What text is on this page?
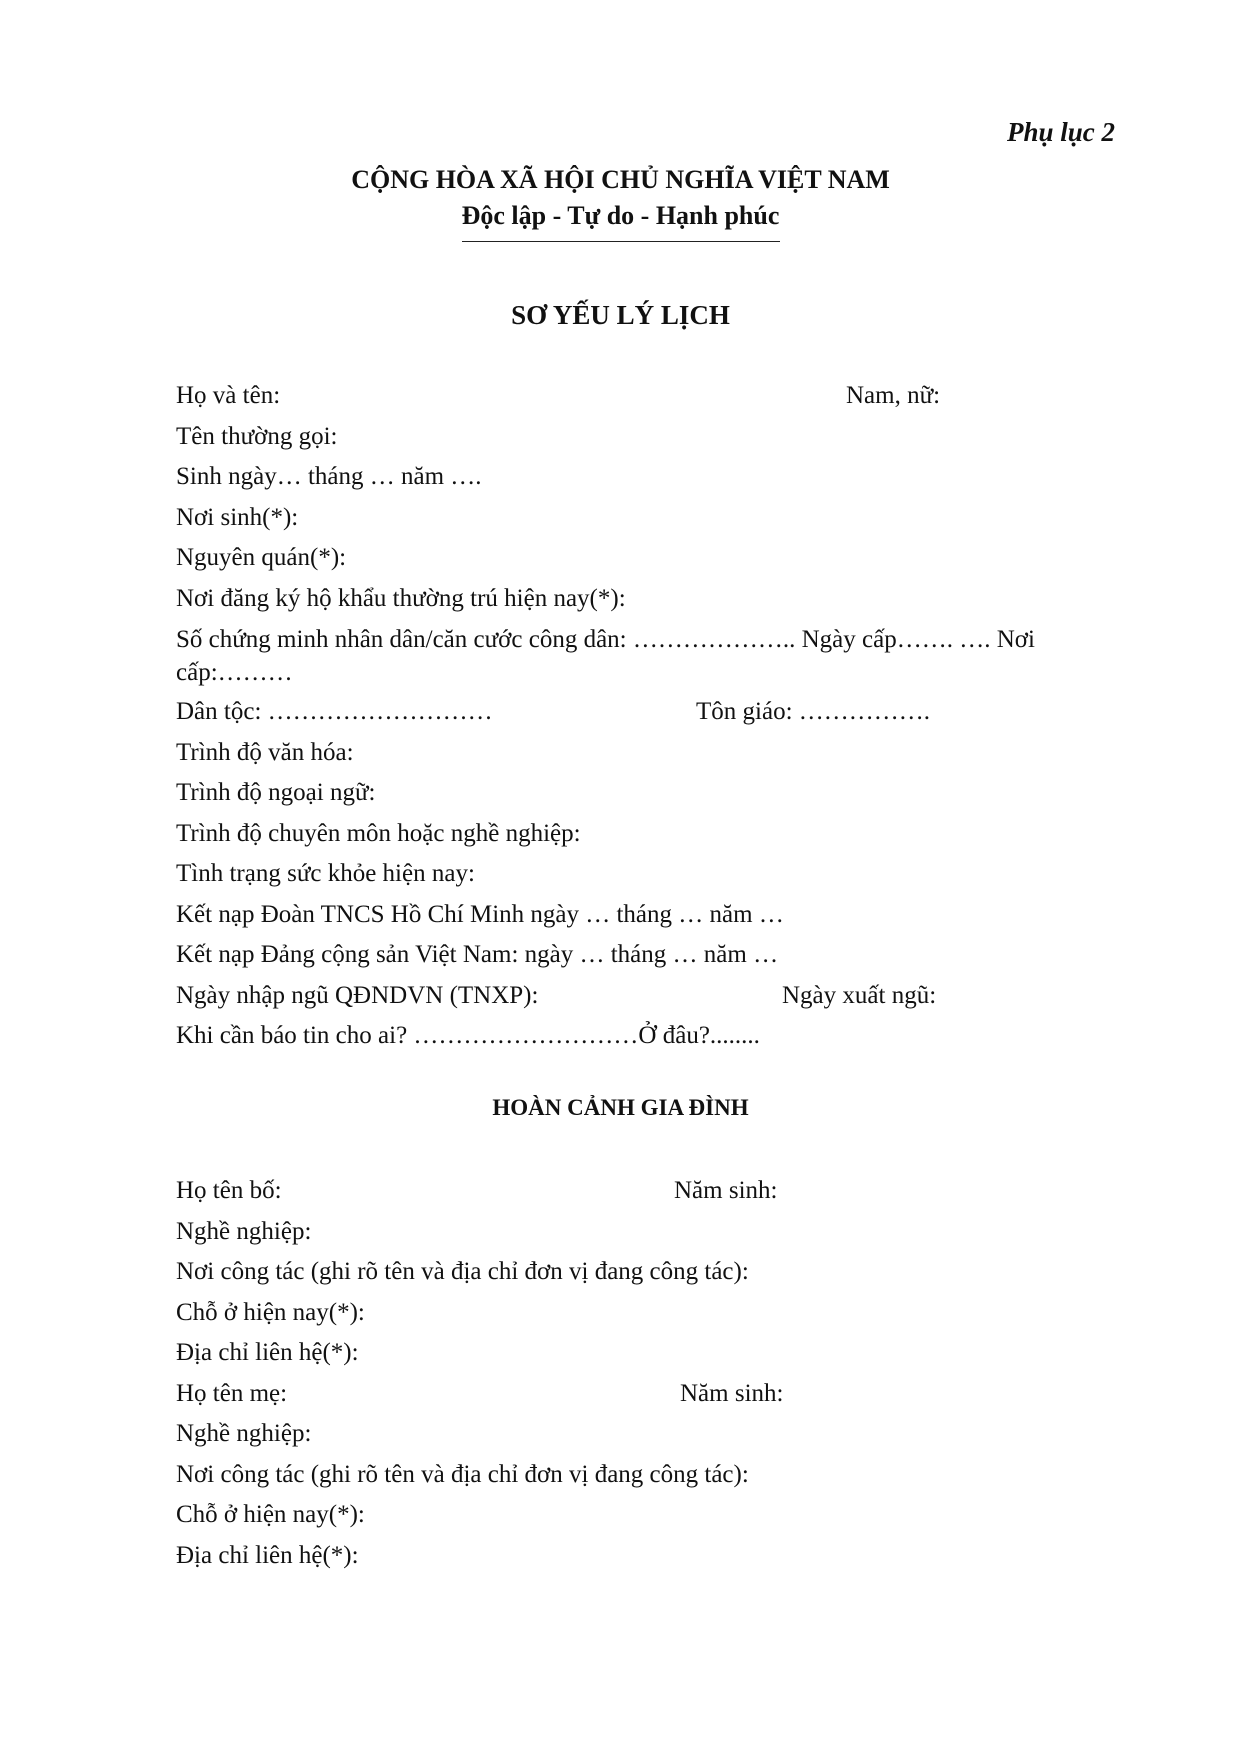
Phụ lục 2
CỘNG HÒA XÃ HỘI CHỦ NGHĨA VIỆT NAM
Độc lập - Tự do - Hạnh phúc
SƠ YẾU LÝ LỊCH
Họ và tên:	Nam, nữ:
Tên thường gọi:
Sinh ngày… tháng … năm ….
Nơi sinh(*):
Nguyên quán(*):
Nơi đăng ký hộ khẩu thường trú hiện nay(*):
Số chứng minh nhân dân/căn cước công dân: ……………….. Ngày cấp……. …. Nơi cấp:………
Dân tộc: ………………………	Tôn giáo: …………….
Trình độ văn hóa:
Trình độ ngoại ngữ:
Trình độ chuyên môn hoặc nghề nghiệp:
Tình trạng sức khỏe hiện nay:
Kết nạp Đoàn TNCS Hồ Chí Minh ngày … tháng … năm …
Kết nạp Đảng cộng sản Việt Nam: ngày … tháng … năm …
Ngày nhập ngũ QĐNDVN (TNXP):	Ngày xuất ngũ:
Khi cần báo tin cho ai? ………………………Ở đâu?........
HOÀN CẢNH GIA ĐÌNH
Họ tên bố:	Năm sinh:
Nghề nghiệp:
Nơi công tác (ghi rõ tên và địa chỉ đơn vị đang công tác):
Chỗ ở hiện nay(*):
Địa chỉ liên hệ(*):
Họ tên mẹ:	Năm sinh:
Nghề nghiệp:
Nơi công tác (ghi rõ tên và địa chỉ đơn vị đang công tác):
Chỗ ở hiện nay(*):
Địa chỉ liên hệ(*):
